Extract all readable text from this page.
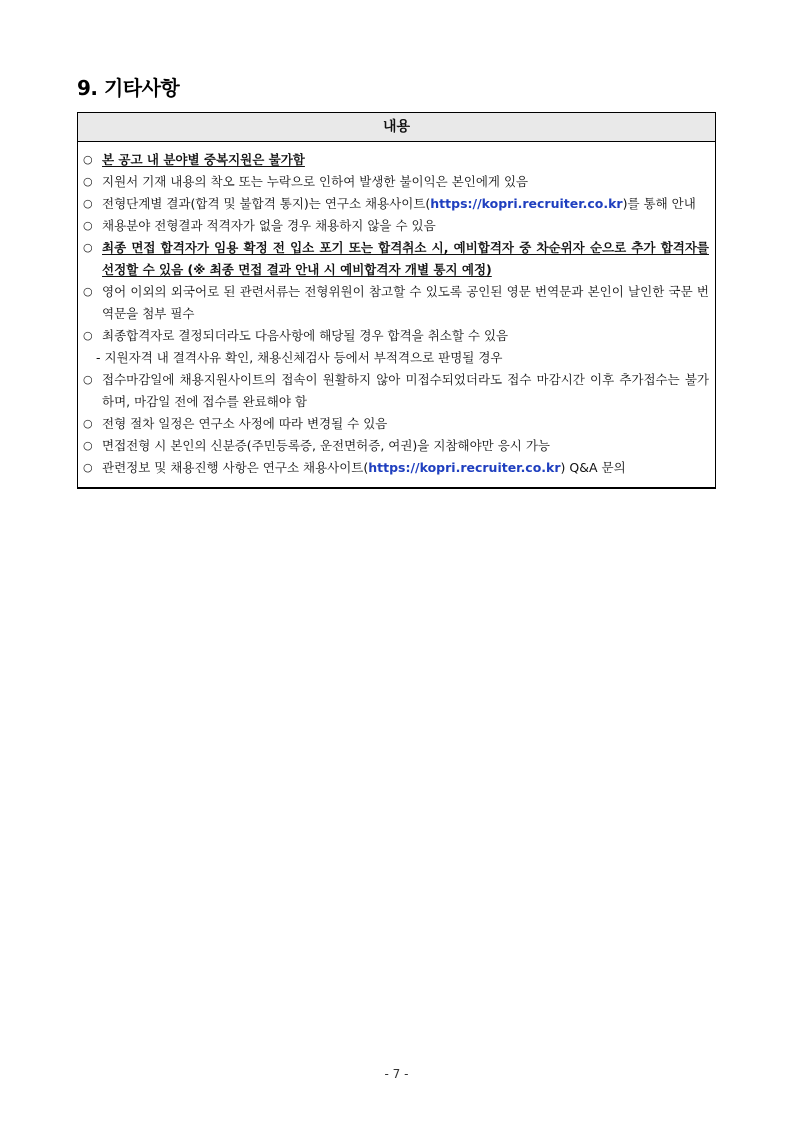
9. 기타사항
내용
○ 본 공고 내 분야별 중복지원은 불가함
○ 지원서 기재 내용의 착오 또는 누락으로 인하여 발생한 불이익은 본인에게 있음
○ 전형단계별 결과(합격 및 불합격 통지)는 연구소 채용사이트(https://kopri.recruiter.co.kr)를 통해 안내
○ 채용분야 전형결과 적격자가 없을 경우 채용하지 않을 수 있음
○ 최종 면접 합격자가 임용 확정 전 입소 포기 또는 합격취소 시, 예비합격자 중 차순위자 순으로 추가 합격자를 선정할 수 있음 (※ 최종 면접 결과 안내 시 예비합격자 개별 통지 예정)
○ 영어 이외의 외국어로 된 관련서류는 전형위원이 참고할 수 있도록 공인된 영문 번역문과 본인이 날인한 국문 번역문을 첨부 필수
○ 최종합격자로 결정되더라도 다음사항에 해당될 경우 합격을 취소할 수 있음
- 지원자격 내 결격사유 확인, 채용신체검사 등에서 부적격으로 판명될 경우
○ 접수마감일에 채용지원사이트의 접속이 원활하지 않아 미접수되었더라도 접수 마감시간 이후 추가접수는 불가하며, 마감일 전에 접수를 완료해야 함
○ 전형 절차 일정은 연구소 사정에 따라 변경될 수 있음
○ 면접전형 시 본인의 신분증(주민등록증, 운전면허증, 여권)을 지참해야만 응시 가능
○ 관련정보 및 채용진행 사항은 연구소 채용사이트(https://kopri.recruiter.co.kr) Q&A 문의
- 7 -
